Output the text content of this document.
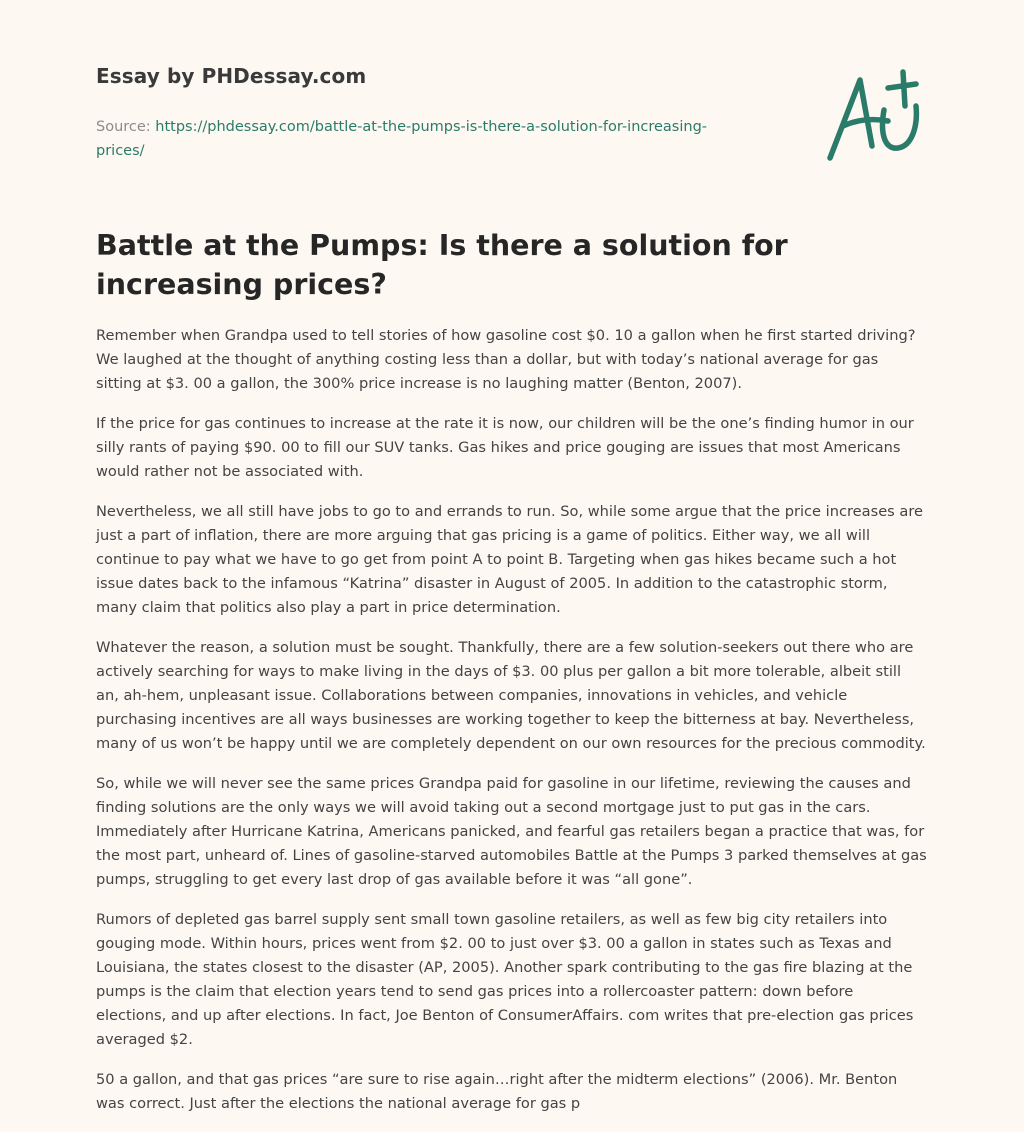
Essay by PHDessay.com
Source: https://phdessay.com/battle-at-the-pumps-is-there-a-solution-for-increasing-
prices/
Battle at the Pumps: Is there a solution for increasing prices?

Remember when Grandpa used to tell stories of how gasoline cost $0. 10 a gallon when he first started driving? We laughed at the thought of anything costing less than a dollar, but with today’s national average for gas sitting at $3. 00 a gallon, the 300% price increase is no laughing matter (Benton, 2007).

If the price for gas continues to increase at the rate it is now, our children will be the one’s finding humor in our silly rants of paying $90. 00 to fill our SUV tanks. Gas hikes and price gouging are issues that most Americans would rather not be associated with.

Nevertheless, we all still have jobs to go to and errands to run. So, while some argue that the price increases are just a part of inflation, there are more arguing that gas pricing is a game of politics. Either way, we all will continue to pay what we have to go get from point A to point B. Targeting when gas hikes became such a hot issue dates back to the infamous “Katrina” disaster in August of 2005. In addition to the catastrophic storm, many claim that politics also play a part in price determination.

Whatever the reason, a solution must be sought. Thankfully, there are a few solution-seekers out there who are actively searching for ways to make living in the days of $3. 00 plus per gallon a bit more tolerable, albeit still an, ah-hem, unpleasant issue. Collaborations between companies, innovations in vehicles, and vehicle purchasing incentives are all ways businesses are working together to keep the bitterness at bay. Nevertheless, many of us won’t be happy until we are completely dependent on our own resources for the precious commodity.

So, while we will never see the same prices Grandpa paid for gasoline in our lifetime, reviewing the causes and finding solutions are the only ways we will avoid taking out a second mortgage just to put gas in the cars. Immediately after Hurricane Katrina, Americans panicked, and fearful gas retailers began a practice that was, for the most part, unheard of. Lines of gasoline-starved automobiles Battle at the Pumps 3 parked themselves at gas pumps, struggling to get every last drop of gas available before it was “all gone”.

Rumors of depleted gas barrel supply sent small town gasoline retailers, as well as few big city retailers into gouging mode. Within hours, prices went from $2. 00 to just over $3. 00 a gallon in states such as Texas and Louisiana, the states closest to the disaster (AP, 2005). Another spark contributing to the gas fire blazing at the pumps is the claim that election years tend to send gas prices into a rollercoaster pattern: down before elections, and up after elections. In fact, Joe Benton of ConsumerAffairs. com writes that pre-election gas prices averaged $2.

50 a gallon, and that gas prices “are sure to rise again…right after the midterm elections” (2006). Mr. Benton was correct. Just after the elections the national average for gas p
